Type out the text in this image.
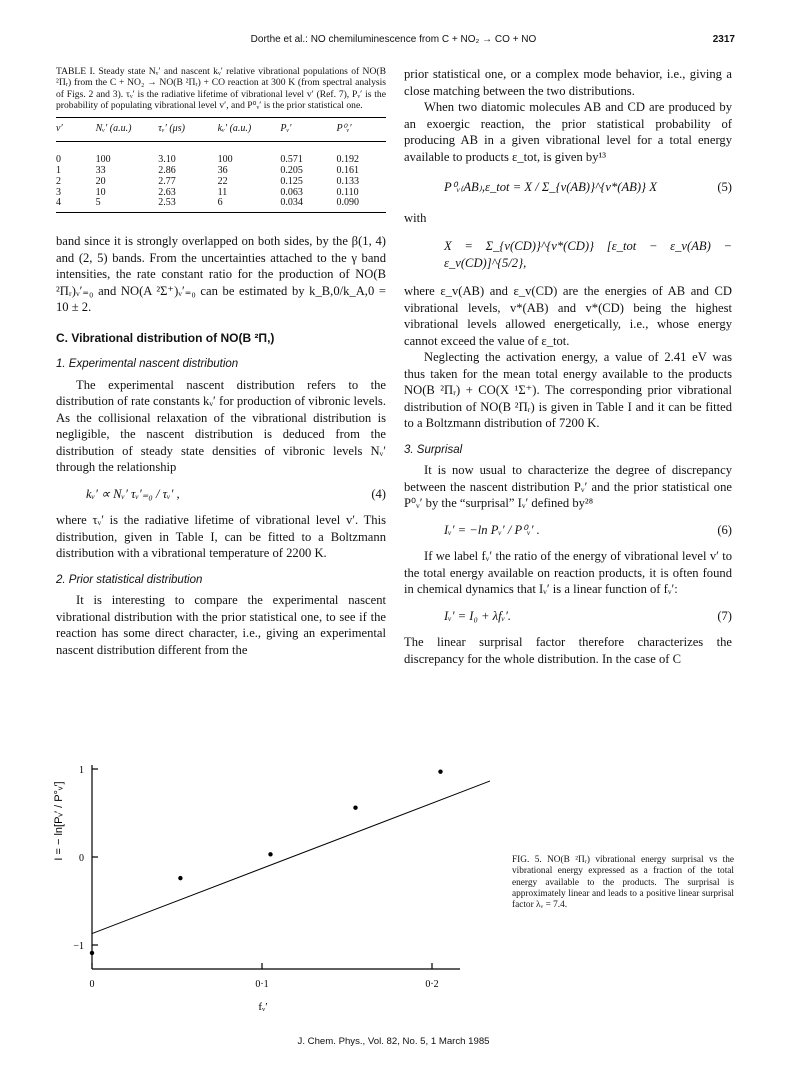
Dorthe et al.: NO chemiluminescence from C + NO₂ → CO + NO	2317
TABLE I. Steady state Nᵥ′ and nascent kᵥ′ relative vibrational populations of NO(B ²Πᵣ) from the C + NO₂ → NO(B ²Πᵣ) + CO reaction at 300 K (from spectral analysis of Figs. 2 and 3). τᵥ′ is the radiative lifetime of vibrational level v′ (Ref. 7), Pᵥ′ is the probability of populating vibrational level v′, and P⁰ᵥ′ is the prior statistical one.
v′	Nᵥ′ (a.u.)	τᵥ′ (μs)	kᵥ′ (a.u.)	Pᵥ′	P⁰ᵥ′

0	100	3.10	100	0.571	0.192
1	33	2.86	36	0.205	0.161
2	20	2.77	22	0.125	0.133
3	10	2.63	11	0.063	0.110
4	5	2.53	6	0.034	0.090

band since it is strongly overlapped on both sides, by the β(1, 4) and (2, 5) bands. From the uncertainties attached to the γ band intensities, the rate constant ratio for the production of NO(B ²Πᵣ)ᵥ′₌₀ and NO(A ²Σ⁺)ᵥ′₌₀ can be estimated by k_B,0/k_A,0 = 10 ± 2.

C. Vibrational distribution of NO(B ²Π,)
1. Experimental nascent distribution

The experimental nascent distribution refers to the distribution of rate constants kᵥ′ for production of vibronic levels. As the collisional relaxation of the vibrational distribution is negligible, the nascent distribution is deduced from the distribution of steady state densities of vibronic levels Nᵥ′ through the relationship

kᵥ′ ∝ Nᵥ′ τᵥ′₌₀ / τᵥ′ ,	(4)

where τᵥ′ is the radiative lifetime of vibrational level v′. This distribution, given in Table I, can be fitted to a Boltzmann distribution with a vibrational temperature of 2200 K.

2. Prior statistical distribution

It is interesting to compare the experimental nascent vibrational distribution with the prior statistical one, to see if the reaction has some direct character, i.e., giving an experimental nascent distribution different from the

prior statistical one, or a complex mode behavior, i.e., giving a close matching between the two distributions.

When two diatomic molecules AB and CD are produced by an exoergic reaction, the prior statistical probability of producing AB in a given vibrational level for a total energy available to products ε_tot, is given by¹³

P⁰ᵥ₍AB₎,ε_tot = X / Σ_{v(AB)}^{v*(AB)} X	(5)

with

X = Σ_{v(CD)}^{v*(CD)} [ε_tot − ε_v(AB) − ε_v(CD)]^{5/2},

where ε_v(AB) and ε_v(CD) are the energies of AB and CD vibrational levels, v*(AB) and v*(CD) being the highest vibrational levels allowed energetically, i.e., whose energy cannot exceed the value of ε_tot.

Neglecting the activation energy, a value of 2.41 eV was thus taken for the mean total energy available to the products NO(B ²Πᵣ) + CO(X ¹Σ⁺). The corresponding prior vibrational distribution of NO(B ²Πᵣ) is given in Table I and it can be fitted to a Boltzmann distribution of 7200 K.

3. Surprisal

It is now usual to characterize the degree of discrepancy between the nascent distribution Pᵥ′ and the prior statistical one P⁰ᵥ′ by the “surprisal” Iᵥ′ defined by²⁸

Iᵥ′ = −ln Pᵥ′ / P⁰ᵥ′ .	(6)

If we label fᵥ′ the ratio of the energy of vibrational level v′ to the total energy available on reaction products, it is often found in chemical dynamics that Iᵥ′ is a linear function of fᵥ′:

Iᵥ′ = I₀ + λfᵥ′.	(7)

The linear surprisal factor therefore characterizes the discrepancy for the whole distribution. In the case of C

1
0
−1
0	0·1	0·2
I = − ln[Pᵥ′ / P°ᵥ′]
fᵥ′
FIG. 5. NO(B ²Πᵣ) vibrational energy surprisal vs the vibrational energy expressed as a fraction of the total energy available to the products. The surprisal is approximately linear and leads to a positive linear surprisal factor λᵥ = 7.4.
J. Chem. Phys., Vol. 82, No. 5, 1 March 1985
